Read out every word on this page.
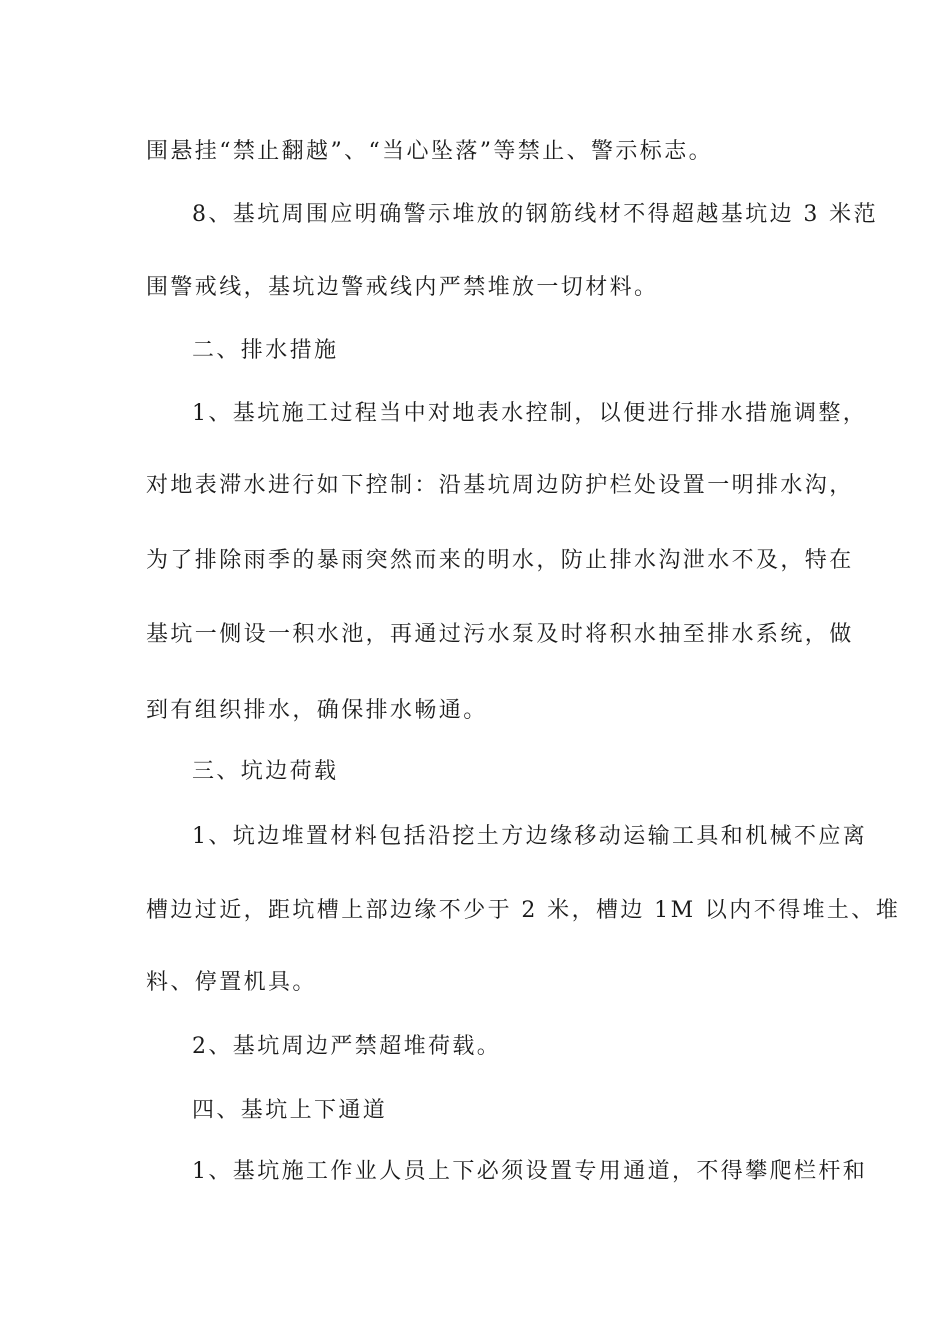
围悬挂“禁止翻越”、“当心坠落”等禁止、警示标志。
8、基坑周围应明确警示堆放的钢筋线材不得超越基坑边 3 米范
围警戒线，基坑边警戒线内严禁堆放一切材料。
二、排水措施
1、基坑施工过程当中对地表水控制，以便进行排水措施调整，
对地表滞水进行如下控制：沿基坑周边防护栏处设置一明排水沟，
为了排除雨季的暴雨突然而来的明水，防止排水沟泄水不及，特在
基坑一侧设一积水池，再通过污水泵及时将积水抽至排水系统，做
到有组织排水，确保排水畅通。
三、坑边荷载
1、坑边堆置材料包括沿挖土方边缘移动运输工具和机械不应离
槽边过近，距坑槽上部边缘不少于 2 米，槽边 1M 以内不得堆土、堆
料、停置机具。
2、基坑周边严禁超堆荷载。
四、基坑上下通道
1、基坑施工作业人员上下必须设置专用通道，不得攀爬栏杆和
